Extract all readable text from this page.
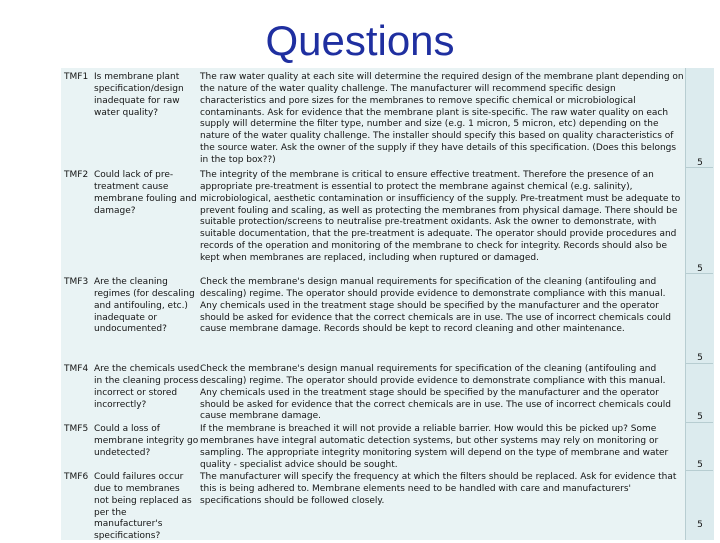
Questions
TMF1 Is membrane plant specification/design inadequate for raw water quality?
The raw water quality at each site will determine the required design of the membrane plant depending on the nature of the water quality challenge. The manufacturer will recommend specific design characteristics and pore sizes for the membranes to remove specific chemical or microbiological contaminants. Ask for evidence that the membrane plant is site-specific. The raw water quality on each supply will determine the filter type, number and size (e.g. 1 micron, 5 micron, etc) depending on the nature of the water quality challenge. The installer should specify this based on quality characteristics of the source water. Ask the owner of the supply if they have details of this specification. (Does this belongs in the top box??)	5
TMF2 Could lack of pre-treatment cause membrane fouling and damage?
The integrity of the membrane is critical to ensure effective treatment. Therefore the presence of an appropriate pre-treatment is essential to protect the membrane against chemical (e.g. salinity), microbiological, aesthetic contamination or insufficiency of the supply. Pre-treatment must be adequate to prevent fouling and scaling, as well as protecting the membranes from physical damage. There should be suitable protection/screens to neutralise pre-treatment oxidants. Ask the owner to demonstrate, with suitable documentation, that the pre-treatment is adequate. The operator should provide procedures and records of the operation and monitoring of the membrane to check for integrity. Records should also be kept when membranes are replaced, including when ruptured or damaged.
5
TMF3 Are the cleaning regimes (for descaling and antifouling, etc.) inadequate or undocumented?
Check the membrane's design manual requirements for specification of the cleaning (antifouling and descaling) regime. The operator should provide evidence to demonstrate compliance with this manual. Any chemicals used in the treatment stage should be specified by the manufacturer and the operator should be asked for evidence that the correct chemicals are in use. The use of incorrect chemicals could cause membrane damage. Records should be kept to record cleaning and other maintenance.
5
TMF4 Are the chemicals used in the cleaning process incorrect or stored incorrectly?
Check the membrane's design manual requirements for specification of the cleaning (antifouling and descaling) regime. The operator should provide evidence to demonstrate compliance with this manual. Any chemicals used in the treatment stage should be specified by the manufacturer and the operator should be asked for evidence that the correct chemicals are in use. The use of incorrect chemicals could cause membrane damage.	5
TMF5 Could a loss of membrane integrity go undetected?
If the membrane is breached it will not provide a reliable barrier. How would this be picked up? Some membranes have integral automatic detection systems, but other systems may rely on monitoring or sampling. The appropriate integrity monitoring system will depend on the type of membrane and water quality - specialist advice should be sought.	5
TMF6 Could failures occur due to membranes not being replaced as per the manufacturer's specifications?
The manufacturer will specify the frequency at which the filters should be replaced. Ask for evidence that this is being adhered to. Membrane elements need to be handled with care and manufacturers' specifications should be followed closely.
5
